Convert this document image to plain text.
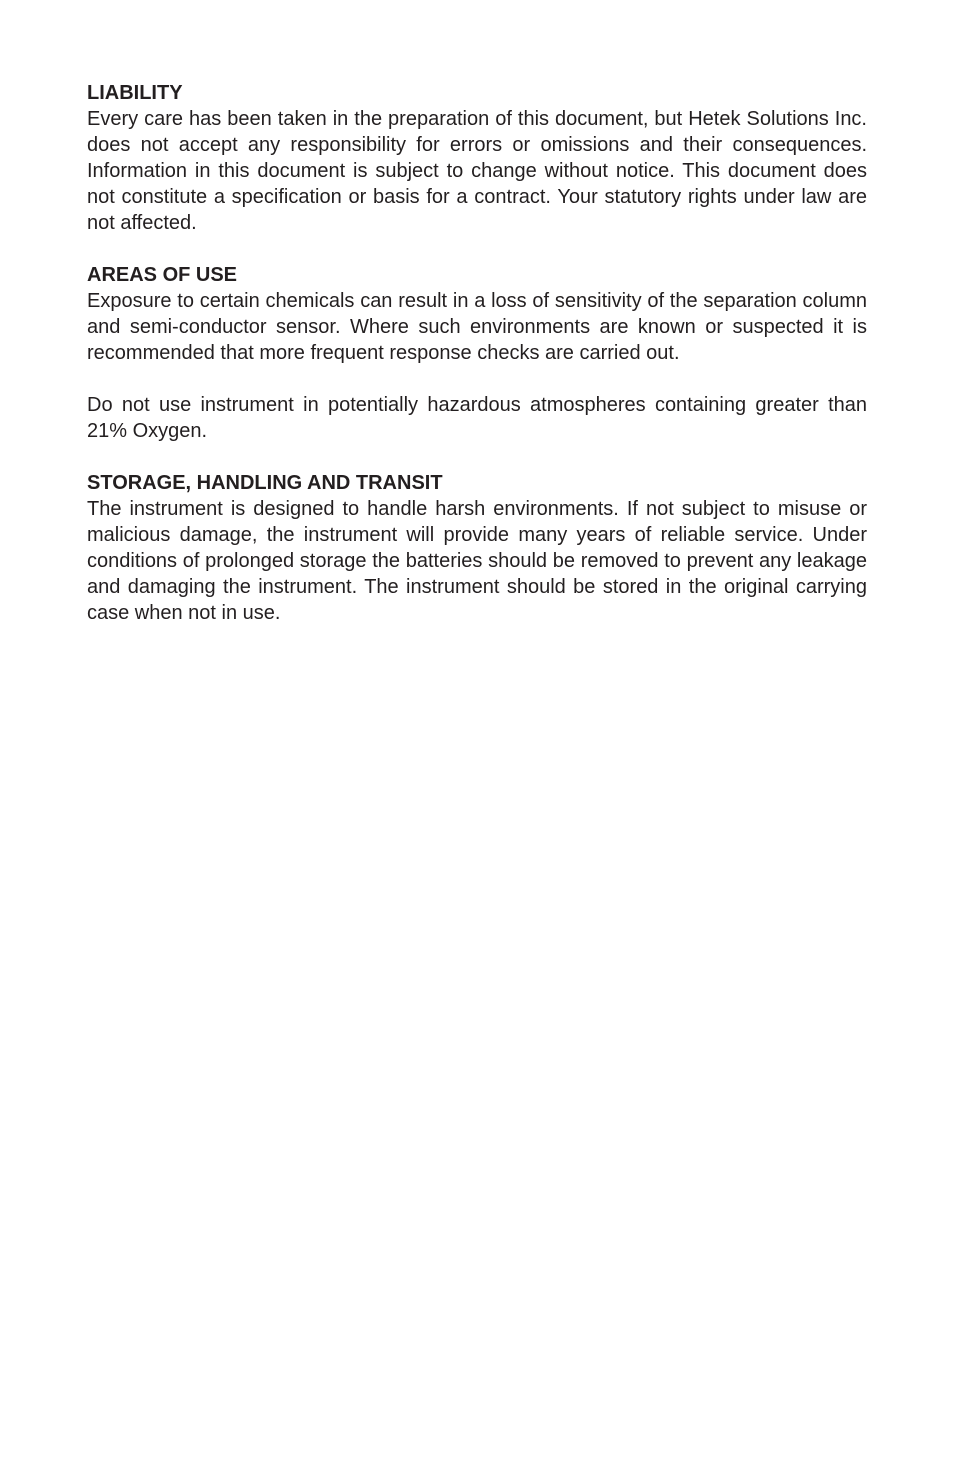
LIABILITY

Every care has been taken in the preparation of this document, but Hetek Solutions Inc. does not accept any responsibility for errors or omissions and their consequences. Information in this document is subject to change without notice. This document does not constitute a specification or basis for a contract. Your statutory rights under law are not affected.

AREAS OF USE

Exposure to certain chemicals can result in a loss of sensitivity of the separation column and semi-conductor sensor. Where such environments are known or suspected it is recommended that more frequent response checks are carried out.

Do not use instrument in potentially hazardous atmospheres containing greater than 21% Oxygen.

STORAGE, HANDLING AND TRANSIT

The instrument is designed to handle harsh environments. If not subject to misuse or malicious damage, the instrument will provide many years of reliable service. Under conditions of prolonged storage the batteries should be removed to prevent any leakage and damaging the instrument. The instrument should be stored in the original carrying case when not in use.
